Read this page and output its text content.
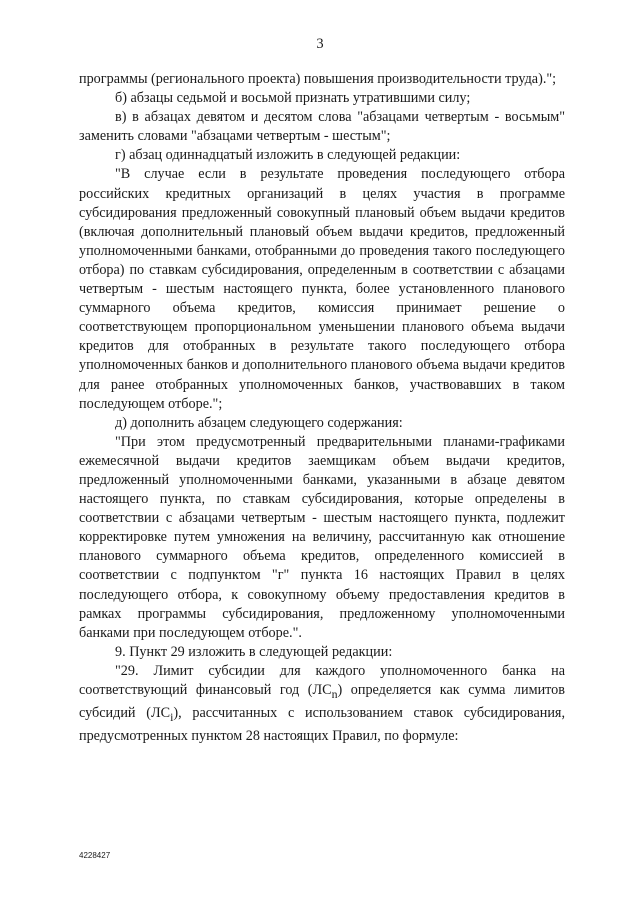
3

программы (регионального проекта) повышения производительности труда).";

б) абзацы седьмой и восьмой признать утратившими силу;

в) в абзацах девятом и десятом слова "абзацами четвертым - восьмым" заменить словами "абзацами четвертым - шестым";

г) абзац одиннадцатый изложить в следующей редакции:

"В случае если в результате проведения последующего отбора российских кредитных организаций в целях участия в программе субсидирования предложенный совокупный плановый объем выдачи кредитов (включая дополнительный плановый объем выдачи кредитов, предложенный уполномоченными банками, отобранными до проведения такого последующего отбора) по ставкам субсидирования, определенным в соответствии с абзацами четвертым - шестым настоящего пункта, более установленного планового суммарного объема кредитов, комиссия принимает решение о соответствующем пропорциональном уменьшении планового объема выдачи кредитов для отобранных в результате такого последующего отбора уполномоченных банков и дополнительного планового объема выдачи кредитов для ранее отобранных уполномоченных банков, участвовавших в таком последующем отборе.";

д) дополнить абзацем следующего содержания:

"При этом предусмотренный предварительными планами-графиками ежемесячной выдачи кредитов заемщикам объем выдачи кредитов, предложенный уполномоченными банками, указанными в абзаце девятом настоящего пункта, по ставкам субсидирования, которые определены в соответствии с абзацами четвертым - шестым настоящего пункта, подлежит корректировке путем умножения на величину, рассчитанную как отношение планового суммарного объема кредитов, определенного комиссией в соответствии с подпунктом "г" пункта 16 настоящих Правил в целях последующего отбора, к совокупному объему предоставления кредитов в рамках программы субсидирования, предложенному уполномоченными банками при последующем отборе.".

9. Пункт 29 изложить в следующей редакции:

"29. Лимит субсидии для каждого уполномоченного банка на соответствующий финансовый год $(ЛС_n)$ определяется как сумма лимитов субсидий $(ЛС_i)$, рассчитанных с использованием ставок субсидирования, предусмотренных пунктом 28 настоящих Правил, по формуле:

4228427
